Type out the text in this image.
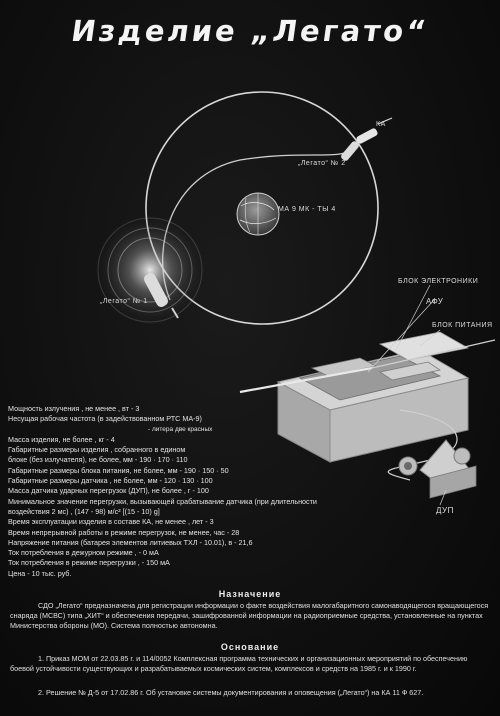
Изделие „Легато“
КА
„Легато“ № 2
МА 9 МК - ТЫ 4
„Легато“ № 1
БЛОК ЭЛЕКТРОНИКИ
АФУ
БЛОК ПИТАНИЯ
ДУП
Мощность излучения , не менее , вт - 3
Несущая рабочая частота (в задействованном РТС МА-9)
- литера две красных
Масса изделия, не более , кг - 4
Габаритные размеры изделия , собранного в едином
блоке (без излучателя), не более, мм - 190 · 170 · 110
Габаритные размеры блока питания, не более, мм - 190 · 150 · 50
Габаритные размеры датчика , не более, мм - 120 · 130 · 100
Масса датчика ударных перегрузок (ДУП), не более , г - 100
Минимальное значение перегрузки, вызывающей срабатывание датчика (при длительности воздействия 2 мс) , (147 - 98) м/с² [(15 - 10) g]
Время эксплуатации изделия в составе КА, не менее , лет - 3
Время непрерывной работы в режиме перегрузок, не менее, час - 28
Напряжение питания (батарея элементов литиевых ТХЛ - 10.01), в - 21,6
Ток потребления в дежурном режиме , - 0 мА
Ток потребления в режиме перегрузки , - 150 мА
Цена - 10 тыс. руб.
Назначение
СДО „Легато“ предназначена для регистрации информации о факте воздействия малогабаритного самонаводящегося вращающегося снаряда (МСВС) типа „ХИТ“ и обеспечения передачи, зашифрованной информации на радиоприемные средства, установленные на пунктах Министерства обороны (МО). Система полностью автономна.
Основание
1. Приказ МОМ от 22.03.85 г. и 114/0052 Комплексная программа технических и организационных мероприятий по обеспечению боевой устойчивости существующих и разрабатываемых космических систем, комплексов и средств на 1985 г. и к 1990 г.
2. Решение № Д-5 от 17.02.86 г. Об установке системы документирования и оповещения („Легато“) на КА 11 Ф 627.
